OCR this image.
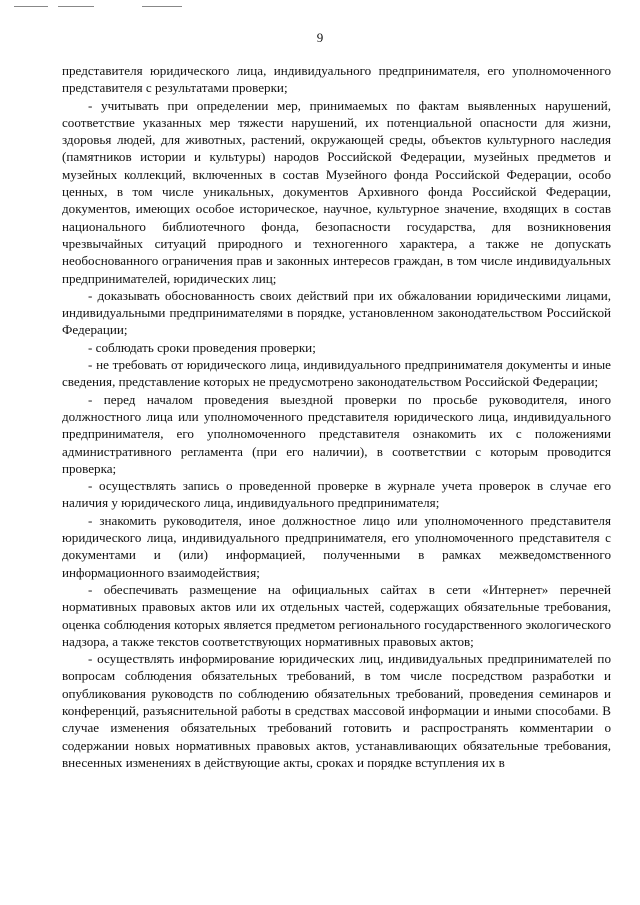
9

представителя юридического лица, индивидуального предпринимателя, его уполномоченного представителя с результатами проверки;

- учитывать при определении мер, принимаемых по фактам выявленных нарушений, соответствие указанных мер тяжести нарушений, их потенциальной опасности для жизни, здоровья людей, для животных, растений, окружающей среды, объектов культурного наследия (памятников истории и культуры) народов Российской Федерации, музейных предметов и музейных коллекций, включенных в состав Музейного фонда Российской Федерации, особо ценных, в том числе уникальных, документов Архивного фонда Российской Федерации, документов, имеющих особое историческое, научное, культурное значение, входящих в состав национального библиотечного фонда, безопасности государства, для возникновения чрезвычайных ситуаций природного и техногенного характера, а также не допускать необоснованного ограничения прав и законных интересов граждан, в том числе индивидуальных предпринимателей, юридических лиц;

- доказывать обоснованность своих действий при их обжаловании юридическими лицами, индивидуальными предпринимателями в порядке, установленном законодательством Российской Федерации;

- соблюдать сроки проведения проверки;

- не требовать от юридического лица, индивидуального предпринимателя документы и иные сведения, представление которых не предусмотрено законодательством Российской Федерации;

- перед началом проведения выездной проверки по просьбе руководителя, иного должностного лица или уполномоченного представителя юридического лица, индивидуального предпринимателя, его уполномоченного представителя ознакомить их с положениями административного регламента (при его наличии), в соответствии с которым проводится проверка;

- осуществлять запись о проведенной проверке в журнале учета проверок в случае его наличия у юридического лица, индивидуального предпринимателя;

- знакомить руководителя, иное должностное лицо или уполномоченного представителя юридического лица, индивидуального предпринимателя, его уполномоченного представителя с документами и (или) информацией, полученными в рамках межведомственного информационного взаимодействия;

- обеспечивать размещение на официальных сайтах в сети «Интернет» перечней нормативных правовых актов или их отдельных частей, содержащих обязательные требования, оценка соблюдения которых является предметом регионального государственного экологического надзора, а также текстов соответствующих нормативных правовых актов;

- осуществлять информирование юридических лиц, индивидуальных предпринимателей по вопросам соблюдения обязательных требований, в том числе посредством разработки и опубликования руководств по соблюдению обязательных требований, проведения семинаров и конференций, разъяснительной работы в средствах массовой информации и иными способами. В случае изменения обязательных требований готовить и распространять комментарии о содержании новых нормативных правовых актов, устанавливающих обязательные требования, внесенных изменениях в действующие акты, сроках и порядке вступления их в
